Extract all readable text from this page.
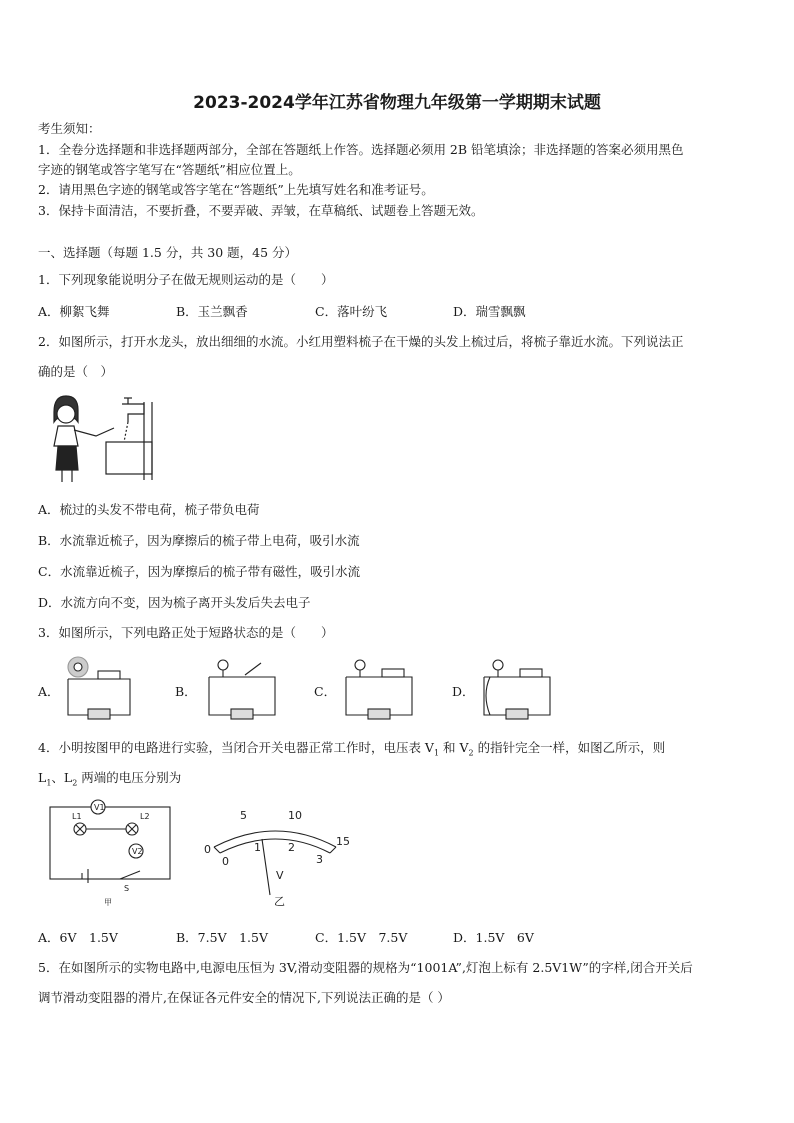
2023-2024学年江苏省物理九年级第一学期期末试题
考生须知：
1．全卷分选择题和非选择题两部分，全部在答题纸上作答。选择题必须用 2B 铅笔填涂；非选择题的答案必须用黑色
字迹的钢笔或答字笔写在“答题纸”相应位置上。
2．请用黑色字迹的钢笔或答字笔在“答题纸”上先填写姓名和准考证号。
3．保持卡面清洁，不要折叠，不要弄破、弄皱，在草稿纸、试题卷上答题无效。
一、选择题（每题 1.5 分，共 30 题，45 分）
1．下列现象能说明分子在做无规则运动的是（　　）
A．柳絮飞舞	B．玉兰飘香	C．落叶纷飞	D．瑞雪飘飘
2．如图所示，打开水龙头，放出细细的水流。小红用塑料梳子在干燥的头发上梳过后，将梳子靠近水流。下列说法正
确的是（　）
A．梳过的头发不带电荷，梳子带负电荷
B．水流靠近梳子，因为摩擦后的梳子带上电荷，吸引水流
C．水流靠近梳子，因为摩擦后的梳子带有磁性，吸引水流
D．水流方向不变，因为梳子离开头发后失去电子
3．如图所示，下列电路正处于短路状态的是（　　）
A．	B．	C．	D．
4．小明按图甲的电路进行实验，当闭合开关电器正常工作时，电压表 $V_1$ 和 $V_2$ 的指针完全一样，如图乙所示，则
$L_1$、$L_2$ 两端的电压分别为
V1
V2
L1	L2
S
甲
5	10
15
0
0
1 2
3
V
乙
A．6V　1.5V	B．7.5V　1.5V	C．1.5V　7.5V	D．1.5V　6V
5．在如图所示的实物电路中,电源电压恒为 3V,滑动变阻器的规格为“1001A”,灯泡上标有 2.5V1W”的字样,闭合开关后
调节滑动变阻器的滑片,在保证各元件安全的情况下,下列说法正确的是（ ）
